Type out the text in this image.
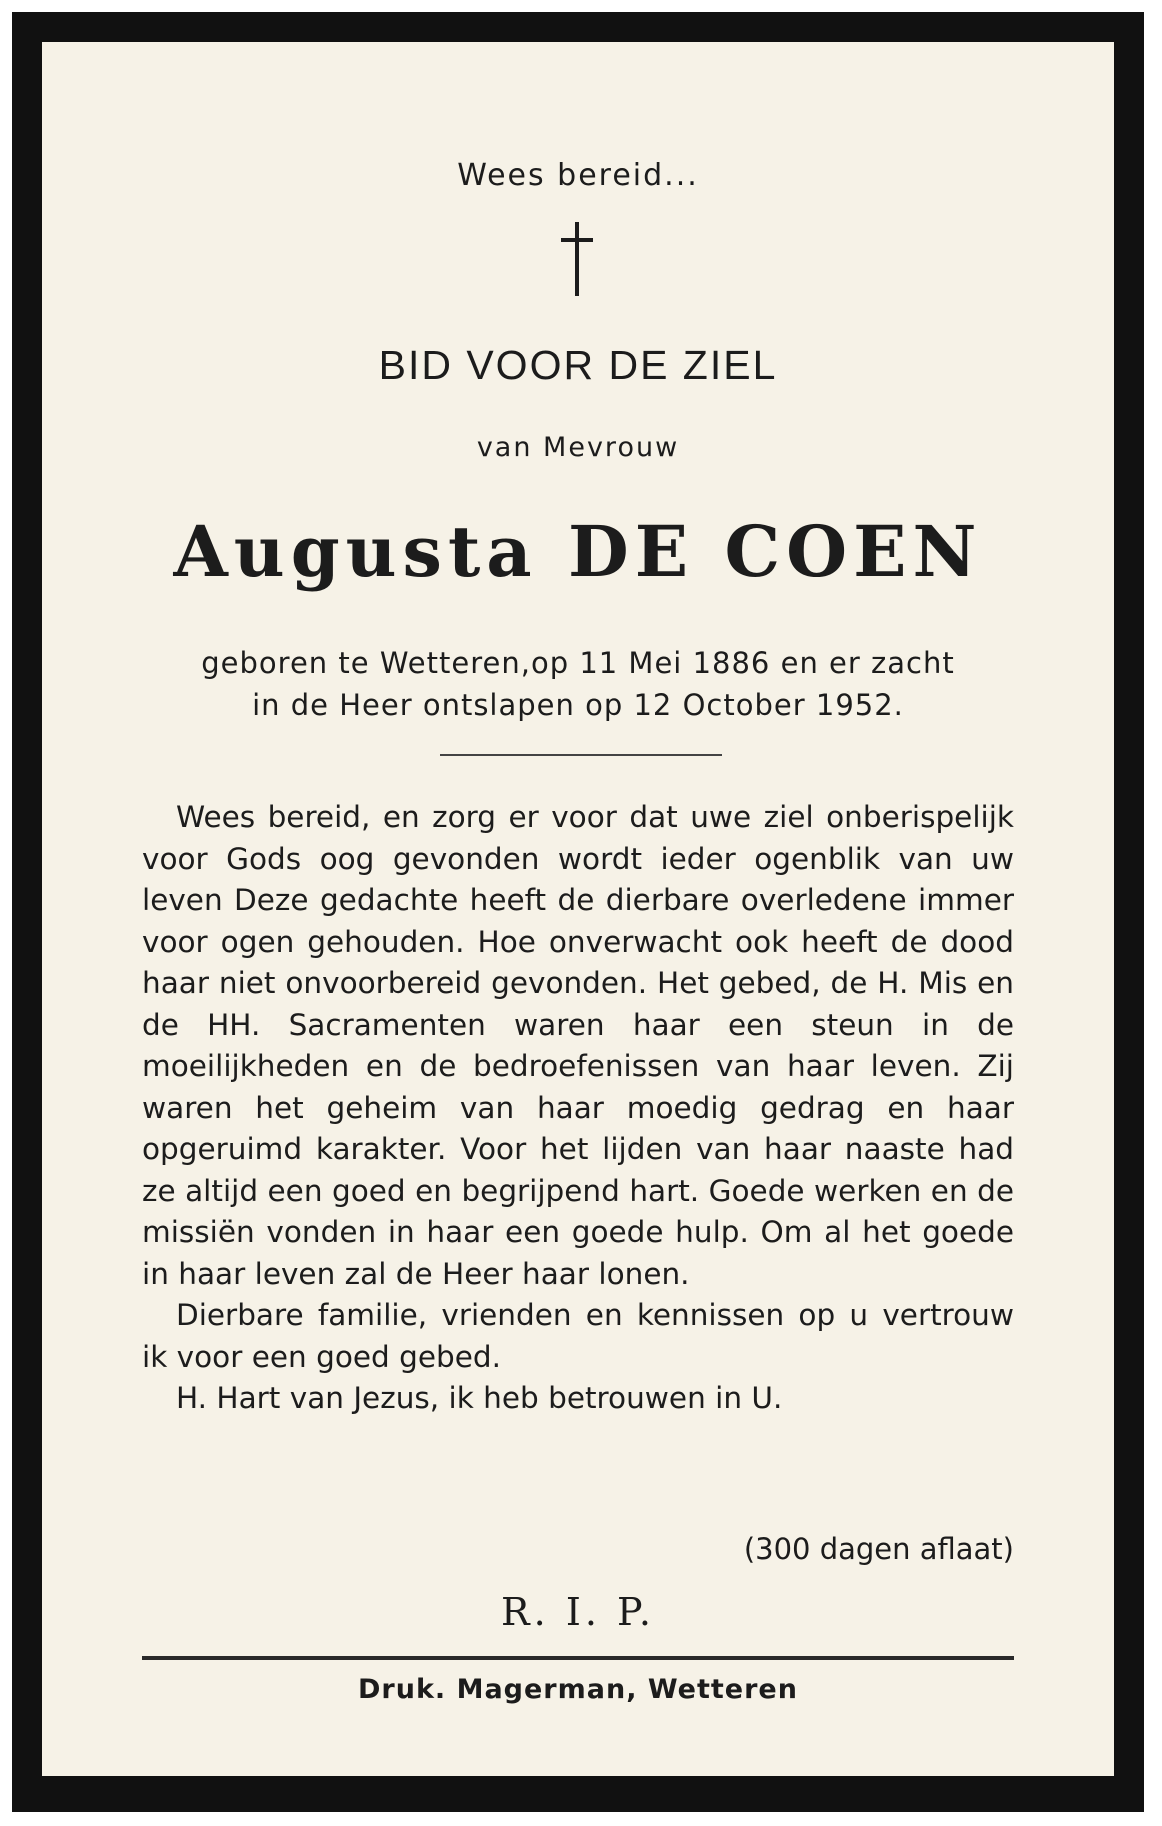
Wees bereid...

BID VOOR DE ZIEL

van Mevrouw

Augusta DE COEN

geboren te Wetteren,op 11 Mei 1886 en er zacht
in de Heer ontslapen op 12 October 1952.

Wees bereid, en zorg er voor dat uwe ziel onberispelijk voor Gods oog gevonden wordt ieder ogenblik van uw leven Deze gedachte heeft de dierbare overledene immer voor ogen gehouden. Hoe onverwacht ook heeft de dood haar niet onvoorbereid gevonden. Het gebed, de H. Mis en de HH. Sacramenten waren haar een steun in de moeilijkheden en de bedroefenissen van haar leven. Zij waren het geheim van haar moedig gedrag en haar opgeruimd karakter. Voor het lijden van haar naaste had ze altijd een goed en begrijpend hart. Goede werken en de missiën vonden in haar een goede hulp. Om al het goede in haar leven zal de Heer haar lonen.

Dierbare familie, vrienden en kennissen op u vertrouw ik voor een goed gebed.

H. Hart van Jezus, ik heb betrouwen in U.

(300 dagen aflaat)

R. I. P.

Druk. Magerman, Wetteren
